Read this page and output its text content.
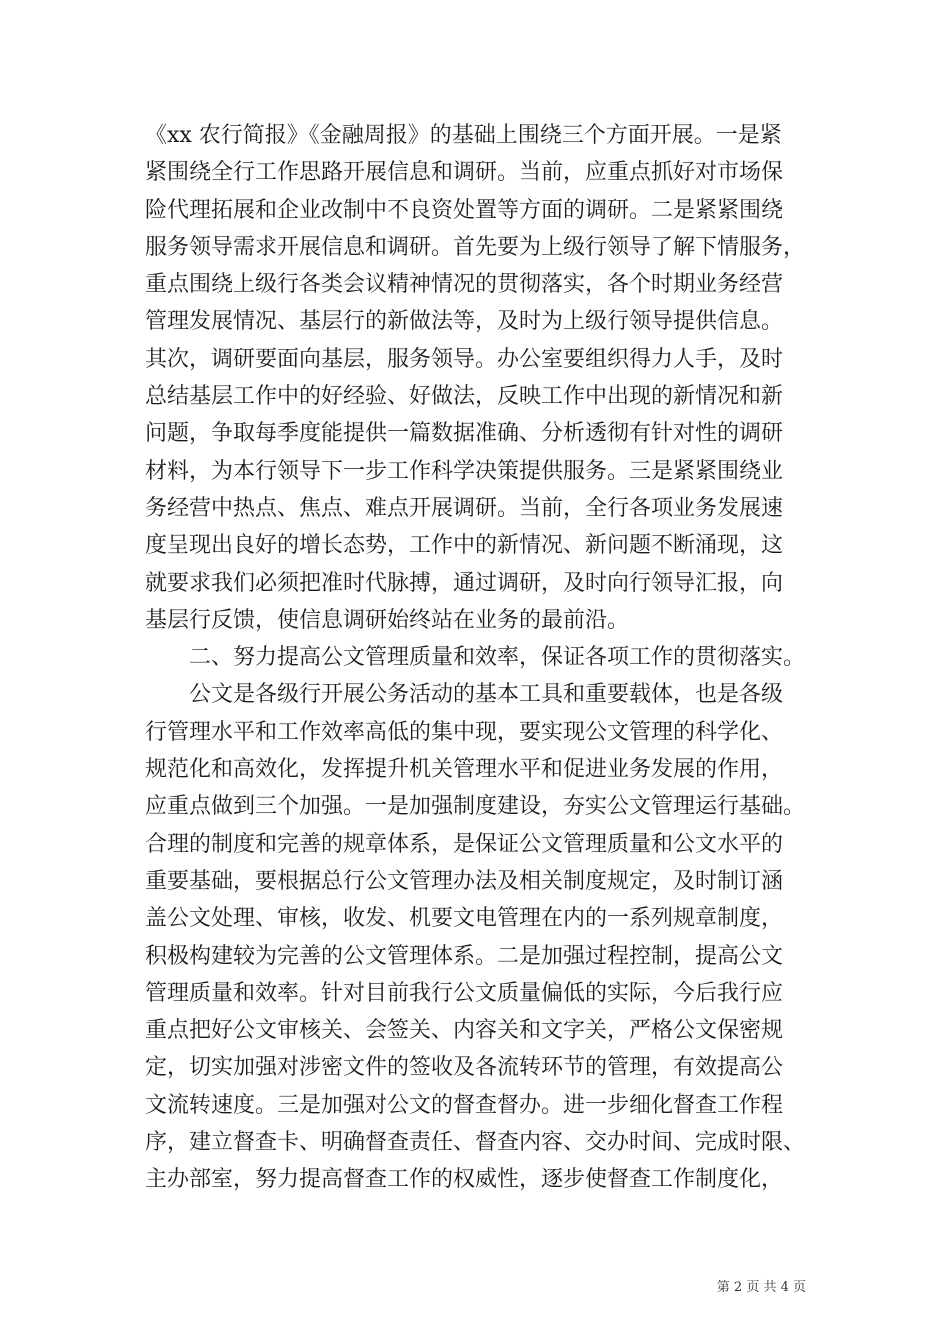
《xx 农行简报》《金融周报》的基础上围绕三个方面开展。一是紧
紧围绕全行工作思路开展信息和调研。当前，应重点抓好对市场保
险代理拓展和企业改制中不良资处置等方面的调研。二是紧紧围绕
服务领导需求开展信息和调研。首先要为上级行领导了解下情服务，
重点围绕上级行各类会议精神情况的贯彻落实，各个时期业务经营
管理发展情况、基层行的新做法等，及时为上级行领导提供信息。
其次，调研要面向基层，服务领导。办公室要组织得力人手，及时
总结基层工作中的好经验、好做法，反映工作中出现的新情况和新
问题，争取每季度能提供一篇数据准确、分析透彻有针对性的调研
材料，为本行领导下一步工作科学决策提供服务。三是紧紧围绕业
务经营中热点、焦点、难点开展调研。当前，全行各项业务发展速
度呈现出良好的增长态势，工作中的新情况、新问题不断涌现，这
就要求我们必须把准时代脉搏，通过调研，及时向行领导汇报，向
基层行反馈，使信息调研始终站在业务的最前沿。
二、努力提高公文管理质量和效率，保证各项工作的贯彻落实。
公文是各级行开展公务活动的基本工具和重要载体，也是各级
行管理水平和工作效率高低的集中现，要实现公文管理的科学化、
规范化和高效化，发挥提升机关管理水平和促进业务发展的作用，
应重点做到三个加强。一是加强制度建设，夯实公文管理运行基础。
合理的制度和完善的规章体系，是保证公文管理质量和公文水平的
重要基础，要根据总行公文管理办法及相关制度规定，及时制订涵
盖公文处理、审核，收发、机要文电管理在内的一系列规章制度，
积极构建较为完善的公文管理体系。二是加强过程控制，提高公文
管理质量和效率。针对目前我行公文质量偏低的实际，今后我行应
重点把好公文审核关、会签关、内容关和文字关，严格公文保密规
定，切实加强对涉密文件的签收及各流转环节的管理，有效提高公
文流转速度。三是加强对公文的督查督办。进一步细化督查工作程
序，建立督查卡、明确督查责任、督查内容、交办时间、完成时限、
主办部室，努力提高督查工作的权威性，逐步使督查工作制度化，
第 2 页 共 4 页
